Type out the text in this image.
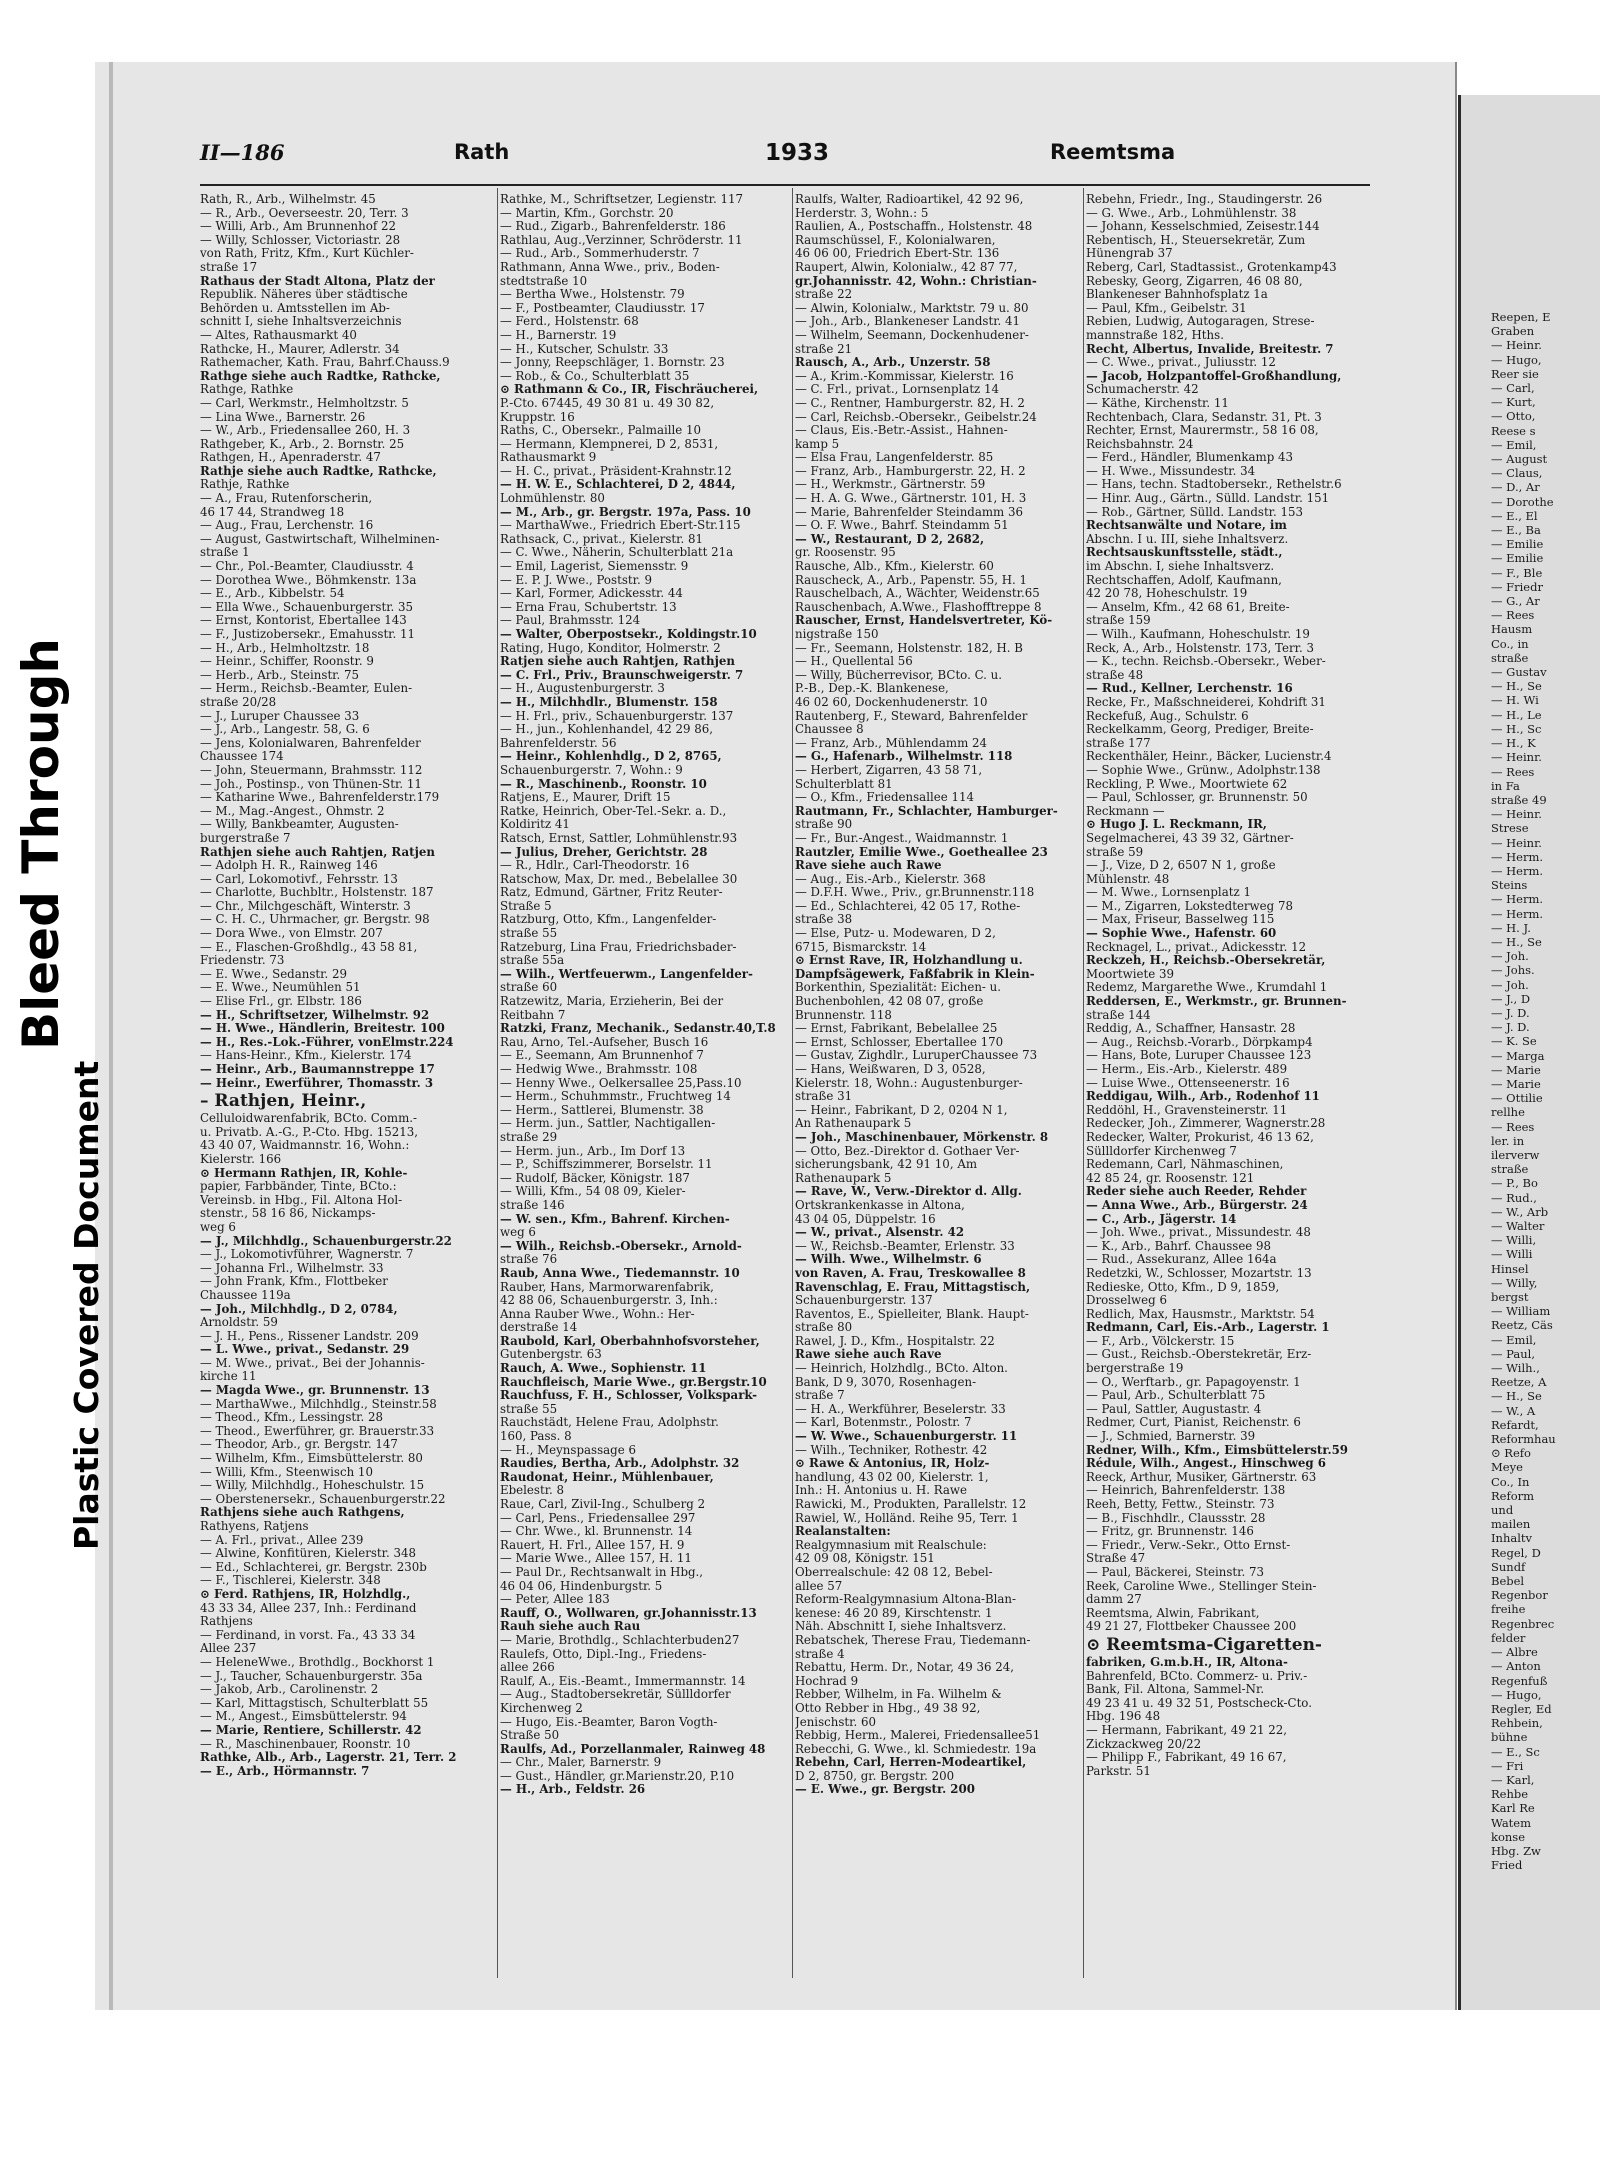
Reepen, E
Graben
— Heinr.
— Hugo,
Reer sie
— Carl,
— Kurt,
— Otto,
Reese s
— Emil,
— August
— Claus,
— D., Ar
— Dorothe
— E., El
— E., Ba
— Emilie
— Emilie
— F., Ble
— Friedr
— G., Ar
— Rees
Hausm
Co., in
straße
— Gustav
— H., Se
— H. Wi
— H., Le
— H., Sc
— H., K
— Heinr.
— Rees
in Fa
straße 49
— Heinr.
Strese
— Heinr.
— Herm.
— Herm.
Steins
— Herm.
— Herm.
— H. J.
— H., Se
— Joh.
— Johs.
— Joh.
— J., D
— J. D.
— J. D.
— K. Se
— Marga
— Marie
— Marie
— Ottilie
rellhe
— Rees
ler. in
ilerverw
straße
— P., Bo
— Rud.,
— W., Arb
— Walter
— Willi,
— Willi
Hinsel
— Willy,
bergst
— William
Reetz, Cäs
— Emil,
— Paul,
— Wilh.,
Reetze, A
— H., Se
— W., A
Refardt,
Reformhau
⊙ Refo
Meye
Co., In
Reform
und
mailen
Inhaltv
Regel, D
Sundf
Bebel
Regenbor
freihe
Regenbrec
felder
— Albre
— Anton
Regenfuß
— Hugo,
Regler, Ed
Rehbein,
bühne
— E., Sc
— Fri
— Karl,
Rehbe
Karl Re
Watem
konse
Hbg. Zw
Fried
Bleed Through
Plastic Covered Document
II—186	Rath	1933	Reemtsma
Rath, R., Arb., Wilhelmstr. 45
— R., Arb., Oeverseestr. 20, Terr. 3
— Willi, Arb., Am Brunnenhof 22
— Willy, Schlosser, Victoriastr. 28
von Rath, Fritz, Kfm., Kurt Küchler-
straße 17
Rathaus der Stadt Altona, Platz der
Republik. Näheres über städtische
Behörden u. Amtsstellen im Ab-
schnitt I, siehe Inhaltsverzeichnis
— Altes, Rathausmarkt 40
Rathcke, H., Maurer, Adlerstr. 34
Rathemacher, Kath. Frau, Bahrf.Chauss.9
Rathge siehe auch Radtke, Rathcke,
Rathge, Rathke
— Carl, Werkmstr., Helmholtzstr. 5
— Lina Wwe., Barnerstr. 26
— W., Arb., Friedensallee 260, H. 3
Rathgeber, K., Arb., 2. Bornstr. 25
Rathgen, H., Apenraderstr. 47
Rathje siehe auch Radtke, Rathcke,
Rathje, Rathke
— A., Frau, Rutenforscherin,
46 17 44, Strandweg 18
— Aug., Frau, Lerchenstr. 16
— August, Gastwirtschaft, Wilhelminen-
straße 1
— Chr., Pol.-Beamter, Claudiusstr. 4
— Dorothea Wwe., Böhmkenstr. 13a
— E., Arb., Kibbelstr. 54
— Ella Wwe., Schauenburgerstr. 35
— Ernst, Kontorist, Ebertallee 143
— F., Justizobersekr., Emahusstr. 11
— H., Arb., Helmholtzstr. 18
— Heinr., Schiffer, Roonstr. 9
— Herb., Arb., Steinstr. 75
— Herm., Reichsb.-Beamter, Eulen-
straße 20/28
— J., Luruper Chaussee 33
— J., Arb., Langestr. 58, G. 6
— Jens, Kolonialwaren, Bahrenfelder
Chaussee 174
— John, Steuermann, Brahmsstr. 112
— Joh., Postinsp., von Thünen-Str. 11
— Katharine Wwe., Bahrenfelderstr.179
— M., Mag.-Angest., Ohmstr. 2
— Willy, Bankbeamter, Augusten-
burgerstraße 7
Rathjen siehe auch Rahtjen, Ratjen
— Adolph H. R., Rainweg 146
— Carl, Lokomotivf., Fehrsstr. 13
— Charlotte, Buchbltr., Holstenstr. 187
— Chr., Milchgeschäft, Winterstr. 3
— C. H. C., Uhrmacher, gr. Bergstr. 98
— Dora Wwe., von Elmstr. 207
— E., Flaschen-Großhdlg., 43 58 81,
Friedenstr. 73
— E. Wwe., Sedanstr. 29
— E. Wwe., Neumühlen 51
— Elise Frl., gr. Elbstr. 186
— H., Schriftsetzer, Wilhelmstr. 92
— H. Wwe., Händlerin, Breitestr. 100
— H., Res.-Lok.-Führer, vonElmstr.224
— Hans-Heinr., Kfm., Kielerstr. 174
— Heinr., Arb., Baumannstreppe 17
— Heinr., Ewerführer, Thomasstr. 3
– Rathjen, Heinr.,
Celluloidwarenfabrik, BCto. Comm.-
u. Privatb. A.-G., P.-Cto. Hbg. 15213,
43 40 07, Waidmannstr. 16, Wohn.:
Kielerstr. 166
⊙ Hermann Rathjen, IR, Kohle-
papier, Farbbänder, Tinte, BCto.:
Vereinsb. in Hbg., Fil. Altona Hol-
stenstr., 58 16 86, Nickamps-
weg 6
— J., Milchhdlg., Schauenburgerstr.22
— J., Lokomotivführer, Wagnerstr. 7
— Johanna Frl., Wilhelmstr. 33
— John Frank, Kfm., Flottbeker
Chaussee 119a
— Joh., Milchhdlg., D 2, 0784,
Arnoldstr. 59
— J. H., Pens., Rissener Landstr. 209
— L. Wwe., privat., Sedanstr. 29
— M. Wwe., privat., Bei der Johannis-
kirche 11
— Magda Wwe., gr. Brunnenstr. 13
— MarthaWwe., Milchhdlg., Steinstr.58
— Theod., Kfm., Lessingstr. 28
— Theod., Ewerführer, gr. Brauerstr.33
— Theodor, Arb., gr. Bergstr. 147
— Wilhelm, Kfm., Eimsbüttelerstr. 80
— Willi, Kfm., Steenwisch 10
— Willy, Milchhdlg., Hoheschulstr. 15
— Oberstenersekr., Schauenburgerstr.22
Rathjens siehe auch Rathgens,
Rathyens, Ratjens
— A. Frl., privat., Allee 239
— Alwine, Konfitüren, Kielerstr. 348
— Ed., Schlachterei, gr. Bergstr. 230b
— F., Tischlerei, Kielerstr. 348
⊙ Ferd. Rathjens, IR, Holzhdlg.,
43 33 34, Allee 237, Inh.: Ferdinand
Rathjens
— Ferdinand, in vorst. Fa., 43 33 34
Allee 237
— HeleneWwe., Brothdlg., Bockhorst 1
— J., Taucher, Schauenburgerstr. 35a
— Jakob, Arb., Carolinenstr. 2
— Karl, Mittagstisch, Schulterblatt 55
— M., Angest., Eimsbüttelerstr. 94
— Marie, Rentiere, Schillerstr. 42
— R., Maschinenbauer, Roonstr. 10
Rathke, Alb., Arb., Lagerstr. 21, Terr. 2
— E., Arb., Hörmannstr. 7
Rathke, M., Schriftsetzer, Legienstr. 117
— Martin, Kfm., Gorchstr. 20
— Rud., Zigarb., Bahrenfelderstr. 186
Rathlau, Aug.,Verzinner, Schröderstr. 11
— Rud., Arb., Sommerhuderstr. 7
Rathmann, Anna Wwe., priv., Boden-
stedtstraße 10
— Bertha Wwe., Holstenstr. 79
— F., Postbeamter, Claudiusstr. 17
— Ferd., Holstenstr. 68
— H., Barnerstr. 19
— H., Kutscher, Schulstr. 33
— Jonny, Reepschläger, 1. Bornstr. 23
— Rob., & Co., Schulterblatt 35
⊙ Rathmann & Co., IR, Fischräucherei,
P.-Cto. 67445, 49 30 81 u. 49 30 82,
Kruppstr. 16
Raths, C., Obersekr., Palmaille 10
— Hermann, Klempnerei, D 2, 8531,
Rathausmarkt 9
— H. C., privat., Präsident-Krahnstr.12
— H. W. E., Schlachterei, D 2, 4844,
Lohmühlenstr. 80
— M., Arb., gr. Bergstr. 197a, Pass. 10
— MarthaWwe., Friedrich Ebert-Str.115
Rathsack, C., privat., Kielerstr. 81
— C. Wwe., Näherin, Schulterblatt 21a
— Emil, Lagerist, Siemensstr. 9
— E. P. J. Wwe., Poststr. 9
— Karl, Former, Adickesstr. 44
— Erna Frau, Schubertstr. 13
— Paul, Brahmsstr. 124
— Walter, Oberpostsekr., Koldingstr.10
Rating, Hugo, Konditor, Holmerstr. 2
Ratjen siehe auch Rahtjen, Rathjen
— C. Frl., Priv., Braunschweigerstr. 7
— H., Augustenburgerstr. 3
— H., Milchhdlr., Blumenstr. 158
— H. Frl., priv., Schauenburgerstr. 137
— H., jun., Kohlenhandel, 42 29 86,
Bahrenfelderstr. 56
— Heinr., Kohlenhdlg., D 2, 8765,
Schauenburgerstr. 7, Wohn.: 9
— R., Maschinenb., Roonstr. 10
Ratjens, E., Maurer, Drift 15
Ratke, Heinrich, Ober-Tel.-Sekr. a. D.,
Koldiritz 41
Ratsch, Ernst, Sattler, Lohmühlenstr.93
— Julius, Dreher, Gerichtstr. 28
— R., Hdlr., Carl-Theodorstr. 16
Ratschow, Max, Dr. med., Bebelallee 30
Ratz, Edmund, Gärtner, Fritz Reuter-
Straße 5
Ratzburg, Otto, Kfm., Langenfelder-
straße 55
Ratzeburg, Lina Frau, Friedrichsbader-
straße 55a
— Wilh., Wertfeuerwm., Langenfelder-
straße 60
Ratzewitz, Maria, Erzieherin, Bei der
Reitbahn 7
Ratzki, Franz, Mechanik., Sedanstr.40,T.8
Rau, Arno, Tel.-Aufseher, Busch 16
— E., Seemann, Am Brunnenhof 7
— Hedwig Wwe., Brahmsstr. 108
— Henny Wwe., Oelkersallee 25,Pass.10
— Herm., Schuhmmstr., Fruchtweg 14
— Herm., Sattlerei, Blumenstr. 38
— Herm. jun., Sattler, Nachtigallen-
straße 29
— Herm. jun., Arb., Im Dorf 13
— P., Schiffszimmerer, Borselstr. 11
— Rudolf, Bäcker, Königstr. 187
— Willi, Kfm., 54 08 09, Kieler-
straße 146
— W. sen., Kfm., Bahrenf. Kirchen-
weg 6
— Wilh., Reichsb.-Obersekr., Arnold-
straße 76
Raub, Anna Wwe., Tiedemannstr. 10
Rauber, Hans, Marmorwarenfabrik,
42 88 06, Schauenburgerstr. 3, Inh.:
Anna Rauber Wwe., Wohn.: Her-
derstraße 14
Raubold, Karl, Oberbahnhofsvorsteher,
Gutenbergstr. 63
Rauch, A. Wwe., Sophienstr. 11
Rauchfleisch, Marie Wwe., gr.Bergstr.10
Rauchfuss, F. H., Schlosser, Volkspark-
straße 55
Rauchstädt, Helene Frau, Adolphstr.
160, Pass. 8
— H., Meynspassage 6
Raudies, Bertha, Arb., Adolphstr. 32
Raudonat, Heinr., Mühlenbauer,
Ebelestr. 8
Raue, Carl, Zivil-Ing., Schulberg 2
— Carl, Pens., Friedensallee 297
— Chr. Wwe., kl. Brunnenstr. 14
Rauert, H. Frl., Allee 157, H. 9
— Marie Wwe., Allee 157, H. 11
— Paul Dr., Rechtsanwalt in Hbg.,
46 04 06, Hindenburgstr. 5
— Peter, Allee 183
Rauff, O., Wollwaren, gr.Johannisstr.13
Rauh siehe auch Rau
— Marie, Brothdlg., Schlachterbuden27
Raulefs, Otto, Dipl.-Ing., Friedens-
allee 266
Raulf, A., Eis.-Beamt., Immermannstr. 14
— Aug., Stadtobersekretär, Süllldorfer
Kirchenweg 2
— Hugo, Eis.-Beamter, Baron Vogth-
Straße 50
Raulfs, Ad., Porzellanmaler, Rainweg 48
— Chr., Maler, Barnerstr. 9
— Gust., Händler, gr.Marienstr.20, P.10
— H., Arb., Feldstr. 26
Raulfs, Walter, Radioartikel, 42 92 96,
Herderstr. 3, Wohn.: 5
Raulien, A., Postschaffn., Holstenstr. 48
Raumschüssel, F., Kolonialwaren,
46 06 00, Friedrich Ebert-Str. 136
Raupert, Alwin, Kolonialw., 42 87 77,
gr.Johannisstr. 42, Wohn.: Christian-
straße 22
— Alwin, Kolonialw., Marktstr. 79 u. 80
— Joh., Arb., Blankeneser Landstr. 41
— Wilhelm, Seemann, Dockenhudener-
straße 21
Rausch, A., Arb., Unzerstr. 58
— A., Krim.-Kommissar, Kielerstr. 16
— C. Frl., privat., Lornsenplatz 14
— C., Rentner, Hamburgerstr. 82, H. 2
— Carl, Reichsb.-Obersekr., Geibelstr.24
— Claus, Eis.-Betr.-Assist., Hahnen-
kamp 5
— Elsa Frau, Langenfelderstr. 85
— Franz, Arb., Hamburgerstr. 22, H. 2
— H., Werkmstr., Gärtnerstr. 59
— H. A. G. Wwe., Gärtnerstr. 101, H. 3
— Marie, Bahrenfelder Steindamm 36
— O. F. Wwe., Bahrf. Steindamm 51
— W., Restaurant, D 2, 2682,
gr. Roosenstr. 95
Rausche, Alb., Kfm., Kielerstr. 60
Rauscheck, A., Arb., Papenstr. 55, H. 1
Rauschelbach, A., Wächter, Weidenstr.65
Rauschenbach, A.Wwe., Flashofftreppe 8
Rauscher, Ernst, Handelsvertreter, Kö-
nigstraße 150
— Fr., Seemann, Holstenstr. 182, H. B
— H., Quellental 56
— Willy, Bücherrevisor, BCto. C. u.
P.-B., Dep.-K. Blankenese,
46 02 60, Dockenhudenerstr. 10
Rautenberg, F., Steward, Bahrenfelder
Chaussee 8
— Franz, Arb., Mühlendamm 24
— G., Hafenarb., Wilhelmstr. 118
— Herbert, Zigarren, 43 58 71,
Schulterblatt 81
— O., Kfm., Friedensallee 114
Rautmann, Fr., Schlachter, Hamburger-
straße 90
— Fr., Bur.-Angest., Waidmannstr. 1
Rautzler, Emilie Wwe., Goetheallee 23
Rave siehe auch Rawe
— Aug., Eis.-Arb., Kielerstr. 368
— D.F.H. Wwe., Priv., gr.Brunnenstr.118
— Ed., Schlachterei, 42 05 17, Rothe-
straße 38
— Else, Putz- u. Modewaren, D 2,
6715, Bismarckstr. 14
⊙ Ernst Rave, IR, Holzhandlung u.
Dampfsägewerk, Faßfabrik in Klein-
Borkenthin, Spezialität: Eichen- u.
Buchenbohlen, 42 08 07, große
Brunnenstr. 118
— Ernst, Fabrikant, Bebelallee 25
— Ernst, Schlosser, Ebertallee 170
— Gustav, Zighdlr., LuruperChaussee 73
— Hans, Weißwaren, D 3, 0528,
Kielerstr. 18, Wohn.: Augustenburger-
straße 31
— Heinr., Fabrikant, D 2, 0204 N 1,
An Rathenaupark 5
— Joh., Maschinenbauer, Mörkenstr. 8
— Otto, Bez.-Direktor d. Gothaer Ver-
sicherungsbank, 42 91 10, Am
Rathenaupark 5
— Rave, W., Verw.-Direktor d. Allg.
Ortskrankenkasse in Altona,
43 04 05, Düppelstr. 16
— W., privat., Alsenstr. 42
— W., Reichsb.-Beamter, Erlenstr. 33
— Wilh. Wwe., Wilhelmstr. 6
von Raven, A. Frau, Treskowallee 8
Ravenschlag, E. Frau, Mittagstisch,
Schauenburgerstr. 137
Raventos, E., Spielleiter, Blank. Haupt-
straße 80
Rawel, J. D., Kfm., Hospitalstr. 22
Rawe siehe auch Rave
— Heinrich, Holzhdlg., BCto. Alton.
Bank, D 9, 3070, Rosenhagen-
straße 7
— H. A., Werkführer, Beselerstr. 33
— Karl, Botenmstr., Polostr. 7
— W. Wwe., Schauenburgerstr. 11
— Wilh., Techniker, Rothestr. 42
⊙ Rawe & Antonius, IR, Holz-
handlung, 43 02 00, Kielerstr. 1,
Inh.: H. Antonius u. H. Rawe
Rawicki, M., Produkten, Parallelstr. 12
Rawiel, W., Holländ. Reihe 95, Terr. 1
Realanstalten:
Realgymnasium mit Realschule:
42 09 08, Königstr. 151
Oberrealschule: 42 08 12, Bebel-
allee 57
Reform-Realgymnasium Altona-Blan-
kenese: 46 20 89, Kirschtenstr. 1
Näh. Abschnitt I, siehe Inhaltsverz.
Rebatschek, Therese Frau, Tiedemann-
straße 4
Rebattu, Herm. Dr., Notar, 49 36 24,
Hochrad 9
Rebber, Wilhelm, in Fa. Wilhelm &
Otto Rebber in Hbg., 49 38 92,
Jenischstr. 60
Rebbig, Herm., Malerei, Friedensallee51
Rebecchi, G. Wwe., kl. Schmiedestr. 19a
Rebehn, Carl, Herren-Modeartikel,
D 2, 8750, gr. Bergstr. 200
— E. Wwe., gr. Bergstr. 200
Rebehn, Friedr., Ing., Staudingerstr. 26
— G. Wwe., Arb., Lohmühlenstr. 38
— Johann, Kesselschmied, Zeisestr.144
Rebentisch, H., Steuersekretär, Zum
Hünengrab 37
Reberg, Carl, Stadtassist., Grotenkamp43
Rebesky, Georg, Zigarren, 46 08 80,
Blankeneser Bahnhofsplatz 1a
— Paul, Kfm., Geibelstr. 31
Rebien, Ludwig, Autogaragen, Strese-
mannstraße 182, Hths.
Recht, Albertus, Invalide, Breitestr. 7
— C. Wwe., privat., Juliusstr. 12
— Jacob, Holzpantoffel-Großhandlung,
Schumacherstr. 42
— Käthe, Kirchenstr. 11
Rechtenbach, Clara, Sedanstr. 31, Pt. 3
Rechter, Ernst, Maurermstr., 58 16 08,
Reichsbahnstr. 24
— Ferd., Händler, Blumenkamp 43
— H. Wwe., Missundestr. 34
— Hans, techn. Stadtobersekr., Rethelstr.6
— Hinr. Aug., Gärtn., Sülld. Landstr. 151
— Rob., Gärtner, Sülld. Landstr. 153
Rechtsanwälte und Notare, im
Abschn. I u. III, siehe Inhaltsverz.
Rechtsauskunftsstelle, städt.,
im Abschn. I, siehe Inhaltsverz.
Rechtschaffen, Adolf, Kaufmann,
42 20 78, Hoheschulstr. 19
— Anselm, Kfm., 42 68 61, Breite-
straße 159
— Wilh., Kaufmann, Hoheschulstr. 19
Reck, A., Arb., Holstenstr. 173, Terr. 3
— K., techn. Reichsb.-Obersekr., Weber-
straße 48
— Rud., Kellner, Lerchenstr. 16
Recke, Fr., Maßschneiderei, Kohdrift 31
Reckefuß, Aug., Schulstr. 6
Reckelkamm, Georg, Prediger, Breite-
straße 177
Reckenthäler, Heinr., Bäcker, Lucienstr.4
— Sophie Wwe., Grünw., Adolphstr.138
Reckling, P. Wwe., Moortwiete 62
— Paul, Schlosser, gr. Brunnenstr. 50
Reckmann —
⊙ Hugo J. L. Reckmann, IR,
Segelmacherei, 43 39 32, Gärtner-
straße 59
— J., Vize, D 2, 6507 N 1, große
Mühlenstr. 48
— M. Wwe., Lornsenplatz 1
— M., Zigarren, Lokstedterweg 78
— Max, Friseur, Basselweg 115
— Sophie Wwe., Hafenstr. 60
Recknagel, L., privat., Adickesstr. 12
Reckzeh, H., Reichsb.-Obersekretär,
Moortwiete 39
Redemz, Margarethe Wwe., Krumdahl 1
Reddersen, E., Werkmstr., gr. Brunnen-
straße 144
Reddig, A., Schaffner, Hansastr. 28
— Aug., Reichsb.-Vorarb., Dörpkamp4
— Hans, Bote, Luruper Chaussee 123
— Herm., Eis.-Arb., Kielerstr. 489
— Luise Wwe., Ottenseenerstr. 16
Reddigau, Wilh., Arb., Rodenhof 11
Reddöhl, H., Gravensteinerstr. 11
Redecker, Joh., Zimmerer, Wagnerstr.28
Redecker, Walter, Prokurist, 46 13 62,
Süllldorfer Kirchenweg 7
Redemann, Carl, Nähmaschinen,
42 85 24, gr. Roosenstr. 121
Reder siehe auch Reeder, Rehder
— Anna Wwe., Arb., Bürgerstr. 24
— C., Arb., Jägerstr. 14
— Joh. Wwe., privat., Missundestr. 48
— K., Arb., Bahrf. Chaussee 98
— Rud., Assekuranz, Allee 164a
Redetzki, W., Schlosser, Mozartstr. 13
Redieske, Otto, Kfm., D 9, 1859,
Drosselweg 6
Redlich, Max, Hausmstr., Marktstr. 54
Redmann, Carl, Eis.-Arb., Lagerstr. 1
— F., Arb., Völckerstr. 15
— Gust., Reichsb.-Oberstekretär, Erz-
bergerstraße 19
— O., Werftarb., gr. Papagoyenstr. 1
— Paul, Arb., Schulterblatt 75
— Paul, Sattler, Augustastr. 4
Redmer, Curt, Pianist, Reichenstr. 6
— J., Schmied, Barnerstr. 39
Redner, Wilh., Kfm., Eimsbüttelerstr.59
Rédule, Wilh., Angest., Hinschweg 6
Reeck, Arthur, Musiker, Gärtnerstr. 63
— Heinrich, Bahrenfelderstr. 138
Reeh, Betty, Fettw., Steinstr. 73
— B., Fischhdlr., Claussstr. 28
— Fritz, gr. Brunnenstr. 146
— Friedr., Verw.-Sekr., Otto Ernst-
Straße 47
— Paul, Bäckerei, Steinstr. 73
Reek, Caroline Wwe., Stellinger Stein-
damm 27
Reemtsma, Alwin, Fabrikant,
49 21 27, Flottbeker Chaussee 200
⊙ Reemtsma-Cigaretten-
fabriken, G.m.b.H., IR, Altona-
Bahrenfeld, BCto. Commerz- u. Priv.-
Bank, Fil. Altona, Sammel-Nr.
49 23 41 u. 49 32 51, Postscheck-Cto.
Hbg. 196 48
— Hermann, Fabrikant, 49 21 22,
Zickzackweg 20/22
— Philipp F., Fabrikant, 49 16 67,
Parkstr. 51
